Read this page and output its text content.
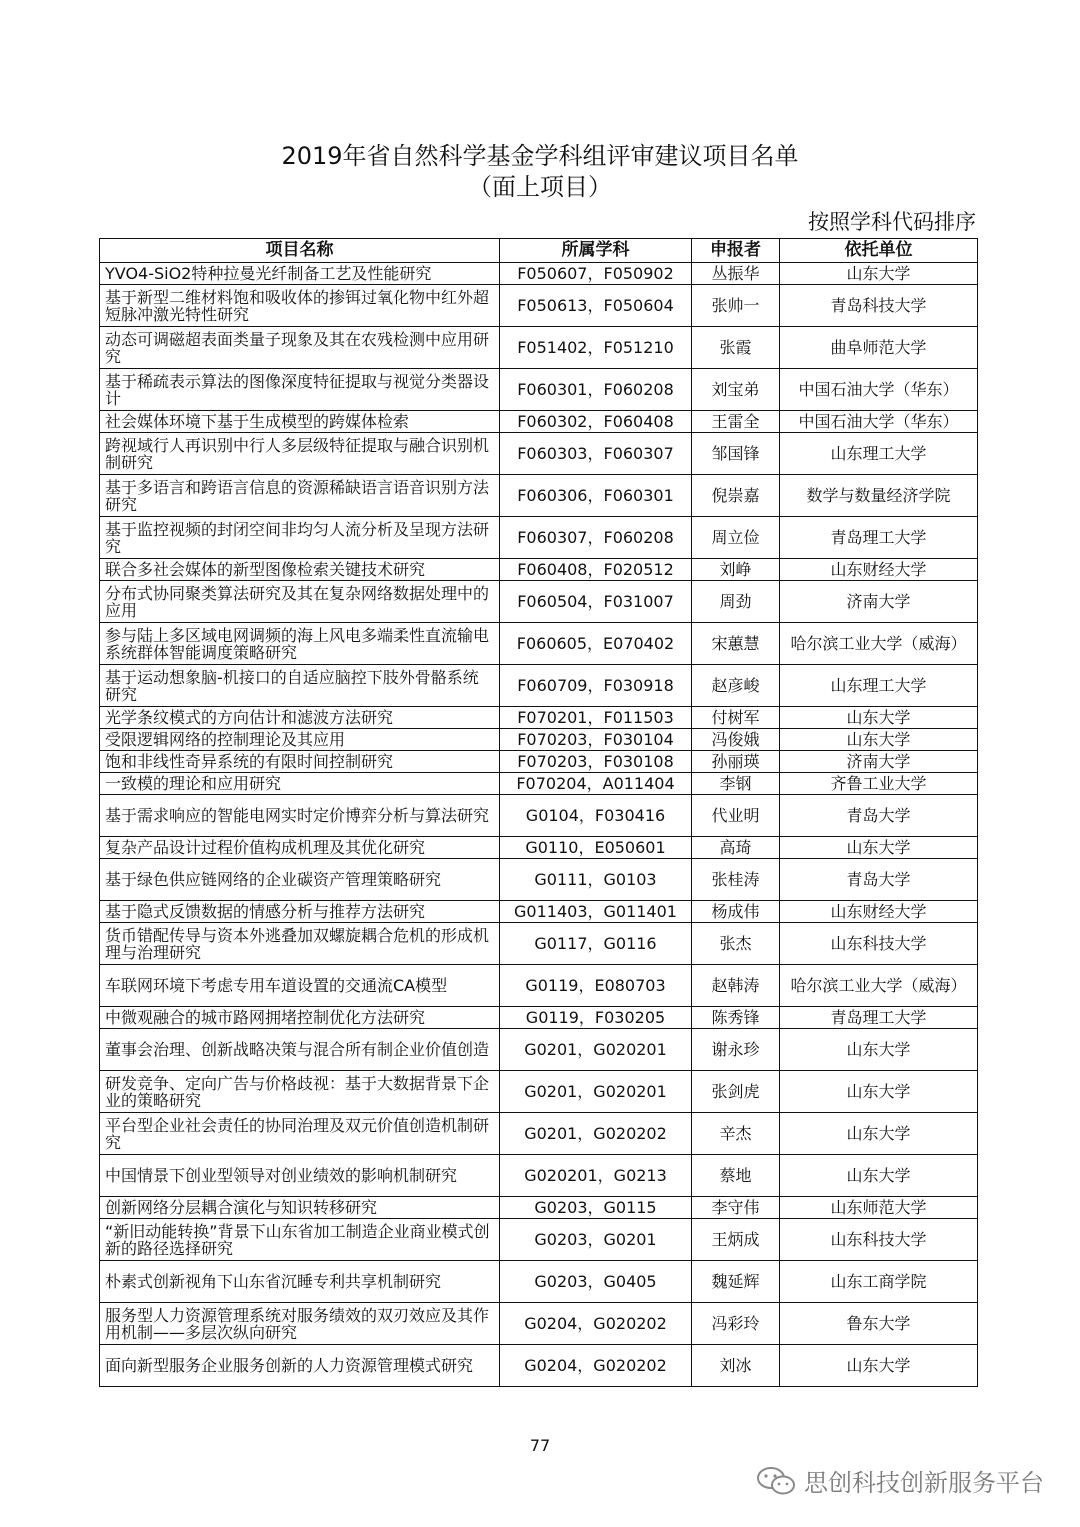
2019年省自然科学基金学科组评审建议项目名单
（面上项目）
按照学科代码排序
项目名称	所属学科	申报者	依托单位
YVO4-SiO2特种拉曼光纤制备工艺及性能研究	F050607，F050902	丛振华	山东大学
基于新型二维材料饱和吸收体的掺铒过氧化物中红外超短脉冲激光特性研究	F050613，F050604	张帅一	青岛科技大学
动态可调磁超表面类量子现象及其在农残检测中应用研究	F051402，F051210	张霞	曲阜师范大学
基于稀疏表示算法的图像深度特征提取与视觉分类器设计	F060301，F060208	刘宝弟	中国石油大学（华东）
社会媒体环境下基于生成模型的跨媒体检索	F060302，F060408	王雷全	中国石油大学（华东）
跨视域行人再识别中行人多层级特征提取与融合识别机制研究	F060303，F060307	邹国锋	山东理工大学
基于多语言和跨语言信息的资源稀缺语言语音识别方法研究	F060306，F060301	倪崇嘉	数学与数量经济学院
基于监控视频的封闭空间非均匀人流分析及呈现方法研究	F060307，F060208	周立俭	青岛理工大学
联合多社会媒体的新型图像检索关键技术研究	F060408，F020512	刘峥	山东财经大学
分布式协同聚类算法研究及其在复杂网络数据处理中的应用	F060504，F031007	周劲	济南大学
参与陆上多区域电网调频的海上风电多端柔性直流输电系统群体智能调度策略研究	F060605，E070402	宋蕙慧	哈尔滨工业大学（威海）
基于运动想象脑-机接口的自适应脑控下肢外骨骼系统研究	F060709，F030918	赵彦峻	山东理工大学
光学条纹模式的方向估计和滤波方法研究	F070201，F011503	付树军	山东大学
受限逻辑网络的控制理论及其应用	F070203，F030104	冯俊娥	山东大学
饱和非线性奇异系统的有限时间控制研究	F070203，F030108	孙丽瑛	济南大学
一致模的理论和应用研究	F070204，A011404	李钢	齐鲁工业大学
基于需求响应的智能电网实时定价博弈分析与算法研究	G0104，F030416	代业明	青岛大学
复杂产品设计过程价值构成机理及其优化研究	G0110，E050601	高琦	山东大学
基于绿色供应链网络的企业碳资产管理策略研究	G0111，G0103	张桂涛	青岛大学
基于隐式反馈数据的情感分析与推荐方法研究	G011403，G011401	杨成伟	山东财经大学
货币错配传导与资本外逃叠加双螺旋耦合危机的形成机理与治理研究	G0117，G0116	张杰	山东科技大学
车联网环境下考虑专用车道设置的交通流CA模型	G0119，E080703	赵韩涛	哈尔滨工业大学（威海）
中微观融合的城市路网拥堵控制优化方法研究	G0119，F030205	陈秀锋	青岛理工大学
董事会治理、创新战略决策与混合所有制企业价值创造	G0201，G020201	谢永珍	山东大学
研发竞争、定向广告与价格歧视：基于大数据背景下企业的策略研究	G0201，G020201	张剑虎	山东大学
平台型企业社会责任的协同治理及双元价值创造机制研究	G0201，G020202	辛杰	山东大学
中国情景下创业型领导对创业绩效的影响机制研究	G020201，G0213	蔡地	山东大学
创新网络分层耦合演化与知识转移研究	G0203，G0115	李守伟	山东师范大学
“新旧动能转换”背景下山东省加工制造企业商业模式创新的路径选择研究	G0203，G0201	王炳成	山东科技大学
朴素式创新视角下山东省沉睡专利共享机制研究	G0203，G0405	魏延辉	山东工商学院
服务型人力资源管理系统对服务绩效的双刃效应及其作用机制——多层次纵向研究	G0204，G020202	冯彩玲	鲁东大学
面向新型服务企业服务创新的人力资源管理模式研究	G0204，G020202	刘冰	山东大学
77
思创科技创新服务平台
